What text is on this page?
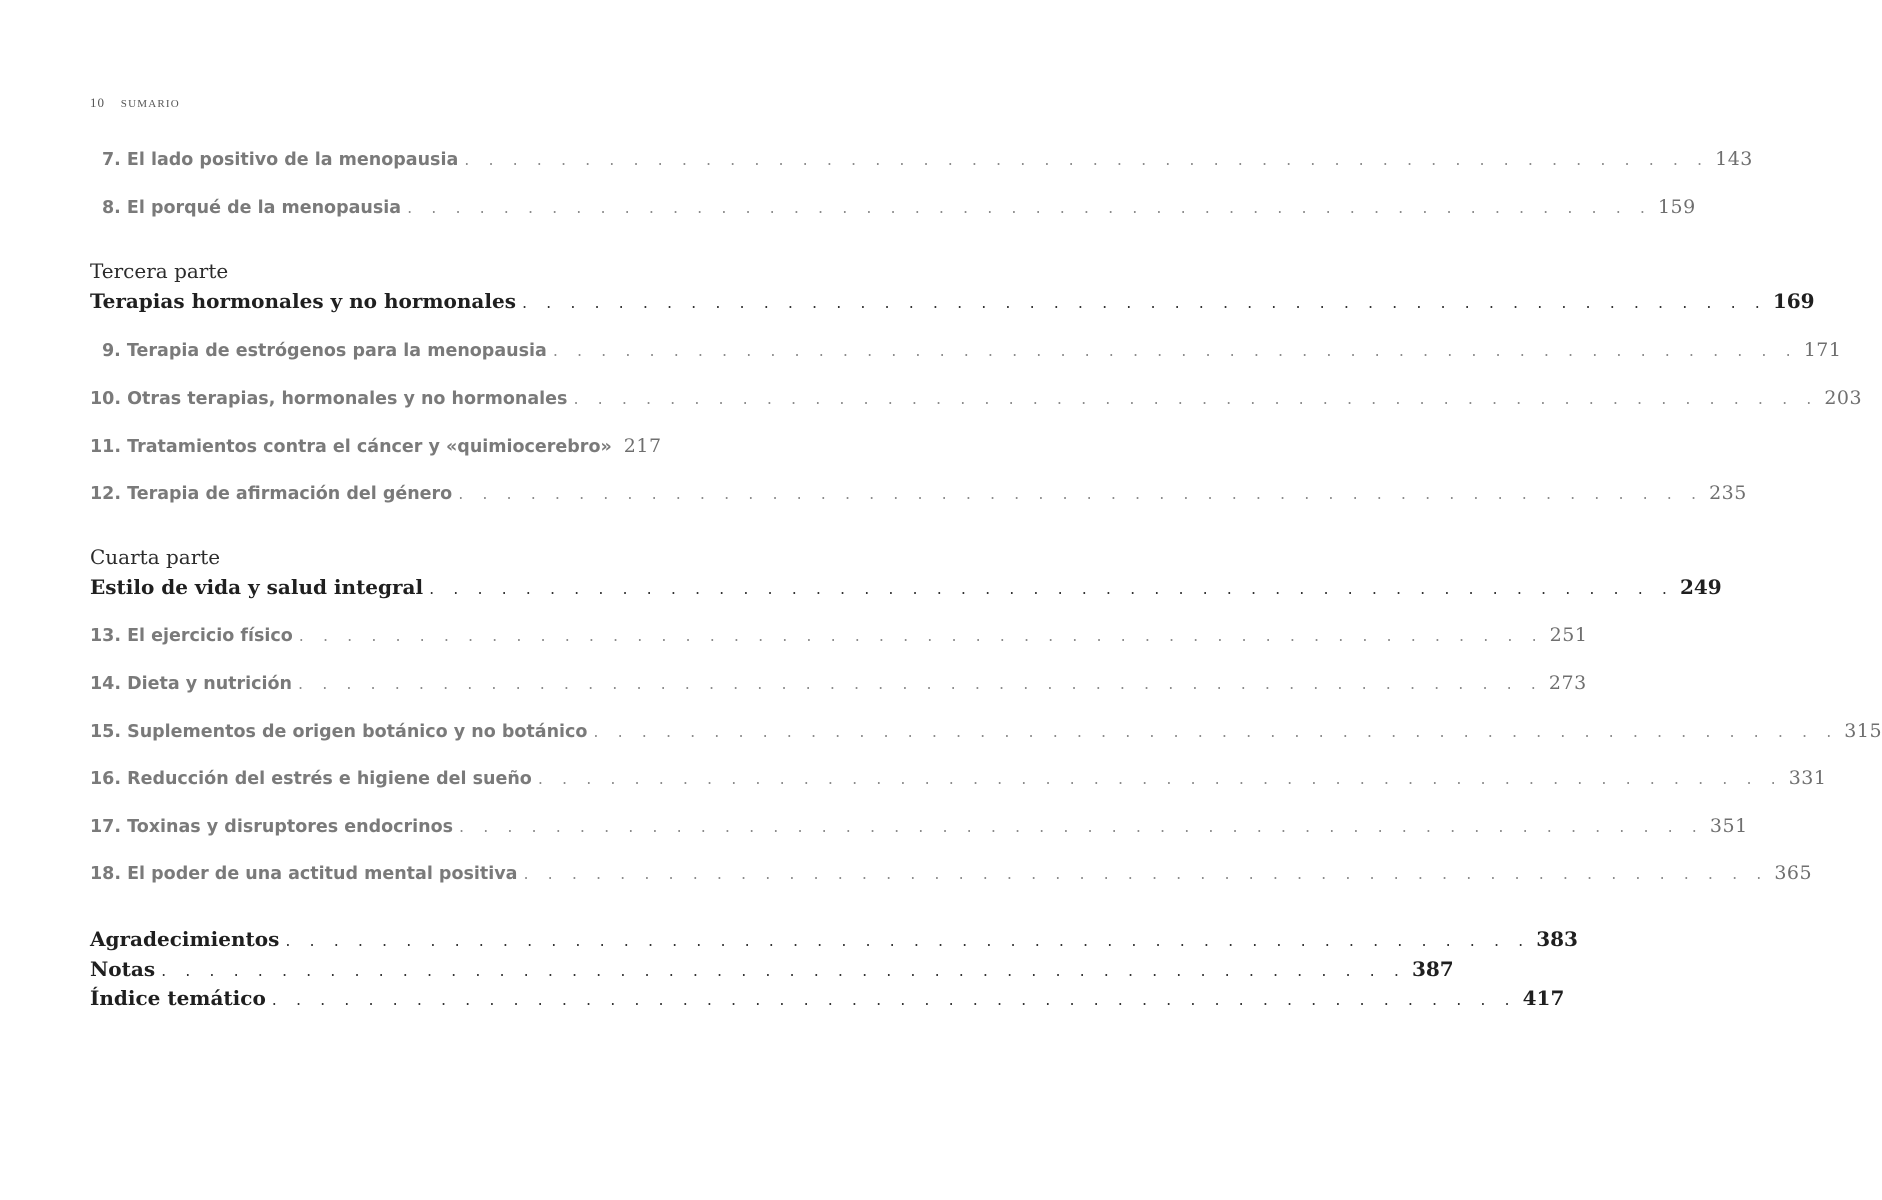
10 SUMARIO
7. El lado positivo de la menopausia . . . . . . . . . . . . . . . . . . . . . . . . . . . . . . . . . . . . . . . . . . . . . . . . . . . . 143
8. El porqué de la menopausia . . . . . . . . . . . . . . . . . . . . . . . . . . . . . . . . . . . . . . . . . . . . . . . . . . . . 159
Tercera parte
Terapias hormonales y no hormonales . . . . . . . . . . . . . . . . . . . . . . . . . . . . . . . . . . . . . . . . . . . . . . . . . . . . 169
9. Terapia de estrógenos para la menopausia . . . . . . . . . . . . . . . . . . . . . . . . . . . . . . . . . . . . . . . . . . . . . . . . . . . . 171
10. Otras terapias, hormonales y no hormonales . . . . . . . . . . . . . . . . . . . . . . . . . . . . . . . . . . . . . . . . . . . . . . . . . . . . 203
11. Tratamientos contra el cáncer y «quimiocerebro» 217
12. Terapia de afirmación del género . . . . . . . . . . . . . . . . . . . . . . . . . . . . . . . . . . . . . . . . . . . . . . . . . . . . 235
Cuarta parte
Estilo de vida y salud integral . . . . . . . . . . . . . . . . . . . . . . . . . . . . . . . . . . . . . . . . . . . . . . . . . . . . 249
13. El ejercicio físico . . . . . . . . . . . . . . . . . . . . . . . . . . . . . . . . . . . . . . . . . . . . . . . . . . . . 251
14. Dieta y nutrición . . . . . . . . . . . . . . . . . . . . . . . . . . . . . . . . . . . . . . . . . . . . . . . . . . . . 273
15. Suplementos de origen botánico y no botánico . . . . . . . . . . . . . . . . . . . . . . . . . . . . . . . . . . . . . . . . . . . . . . . . . . . . 315
16. Reducción del estrés e higiene del sueño . . . . . . . . . . . . . . . . . . . . . . . . . . . . . . . . . . . . . . . . . . . . . . . . . . . . 331
17. Toxinas y disruptores endocrinos . . . . . . . . . . . . . . . . . . . . . . . . . . . . . . . . . . . . . . . . . . . . . . . . . . . . 351
18. El poder de una actitud mental positiva . . . . . . . . . . . . . . . . . . . . . . . . . . . . . . . . . . . . . . . . . . . . . . . . . . . . 365
Agradecimientos . . . . . . . . . . . . . . . . . . . . . . . . . . . . . . . . . . . . . . . . . . . . . . . . . . . . 383
Notas . . . . . . . . . . . . . . . . . . . . . . . . . . . . . . . . . . . . . . . . . . . . . . . . . . . . 387
Índice temático . . . . . . . . . . . . . . . . . . . . . . . . . . . . . . . . . . . . . . . . . . . . . . . . . . . . 417
